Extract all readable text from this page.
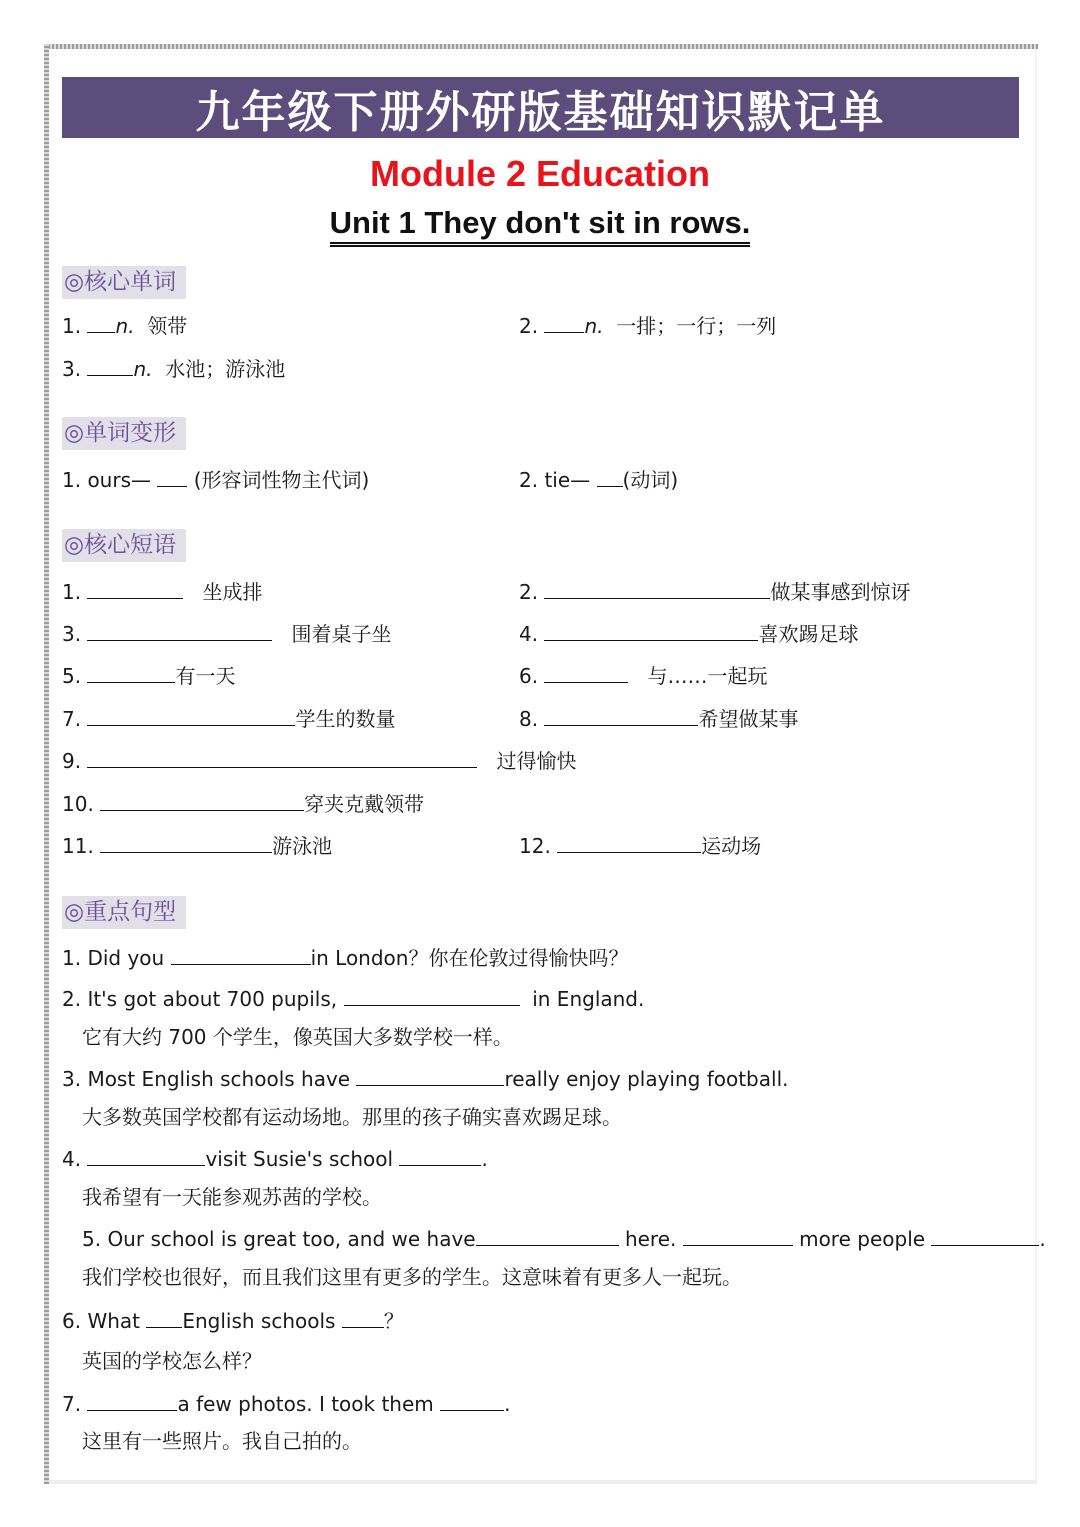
九年级下册外研版基础知识默记单
Module 2 Education
Unit 1 They don't sit in rows.
◎核心单词
1. n. 领带	2. n. 一排；一行；一列
3.	n. 水池；游泳池
◎单词变形
1. ours— (形容词性物主代词)	2. tie— (动词)
◎核心短语
1.	坐成排	2.	做某事感到惊讶
3.	围着桌子坐	4.	喜欢踢足球
5.	有一天	6.	与……一起玩
7.	学生的数量	8.	希望做某事
9.	过得愉快
10.	穿夹克戴领带
11.	游泳池	12.	运动场
◎重点句型
1. Did you	in London？你在伦敦过得愉快吗？
2. It's got about 700 pupils,	in England.
它有大约 700 个学生，像英国大多数学校一样。
3. Most English schools have	really enjoy playing football.
大多数英国学校都有运动场地。那里的孩子确实喜欢踢足球。
4.	visit Susie's school	.
我希望有一天能参观苏茜的学校。
5. Our school is great too, and we have	here.	more people	.
我们学校也很好，而且我们这里有更多的学生。这意味着有更多人一起玩。
6. What English schools ？
英国的学校怎么样？
7.	a few photos. I took them	.
这里有一些照片。我自己拍的。
